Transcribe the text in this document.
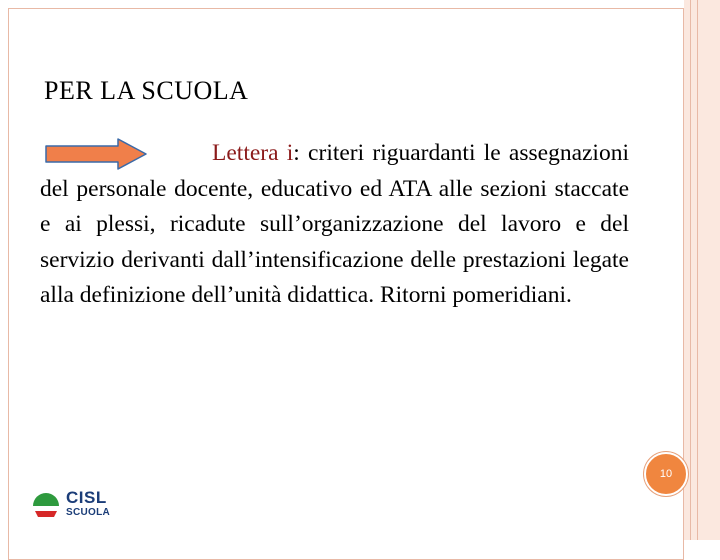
PER LA SCUOLA

Lettera i: criteri riguardanti le assegnazioni del personale docente, educativo ed ATA alle sezioni staccate e ai plessi, ricadute sull’organizzazione del lavoro e del servizio derivanti dall’intensificazione delle prestazioni legate alla definizione dell’unità didattica. Ritorni pomeridiani.

10
CISL
SCUOLA
